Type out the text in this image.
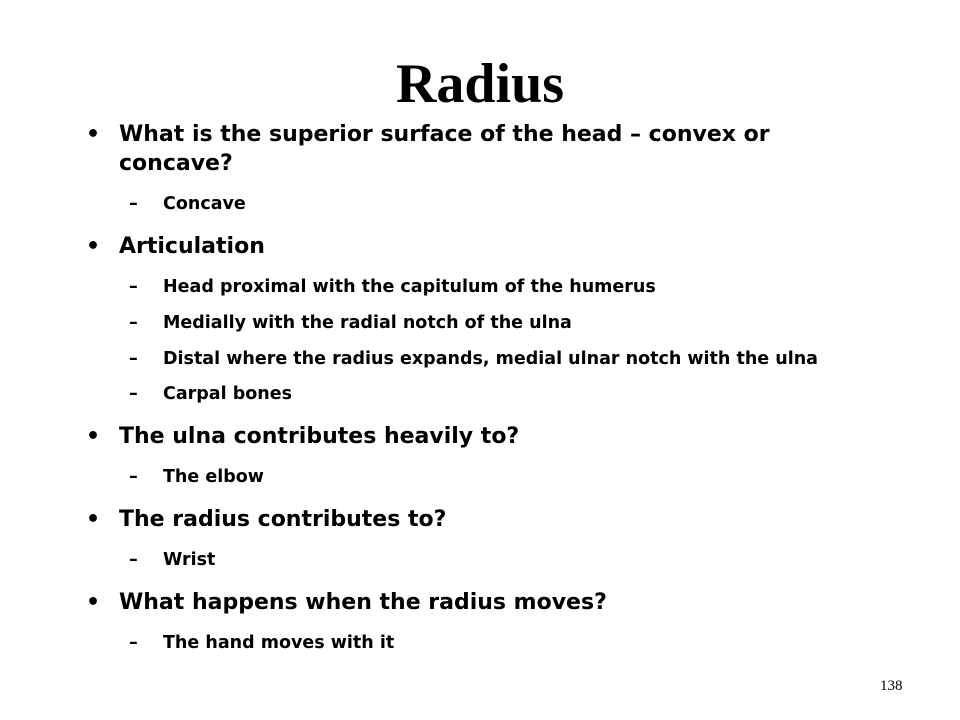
Radius

• What is the superior surface of the head – convex or concave?

– Concave

• Articulation

– Head proximal with the capitulum of the humerus

– Medially with the radial notch of the ulna

– Distal where the radius expands, medial ulnar notch with the ulna

– Carpal bones

• The ulna contributes heavily to?

– The elbow

• The radius contributes to?

– Wrist

• What happens when the radius moves?

– The hand moves with it

138
